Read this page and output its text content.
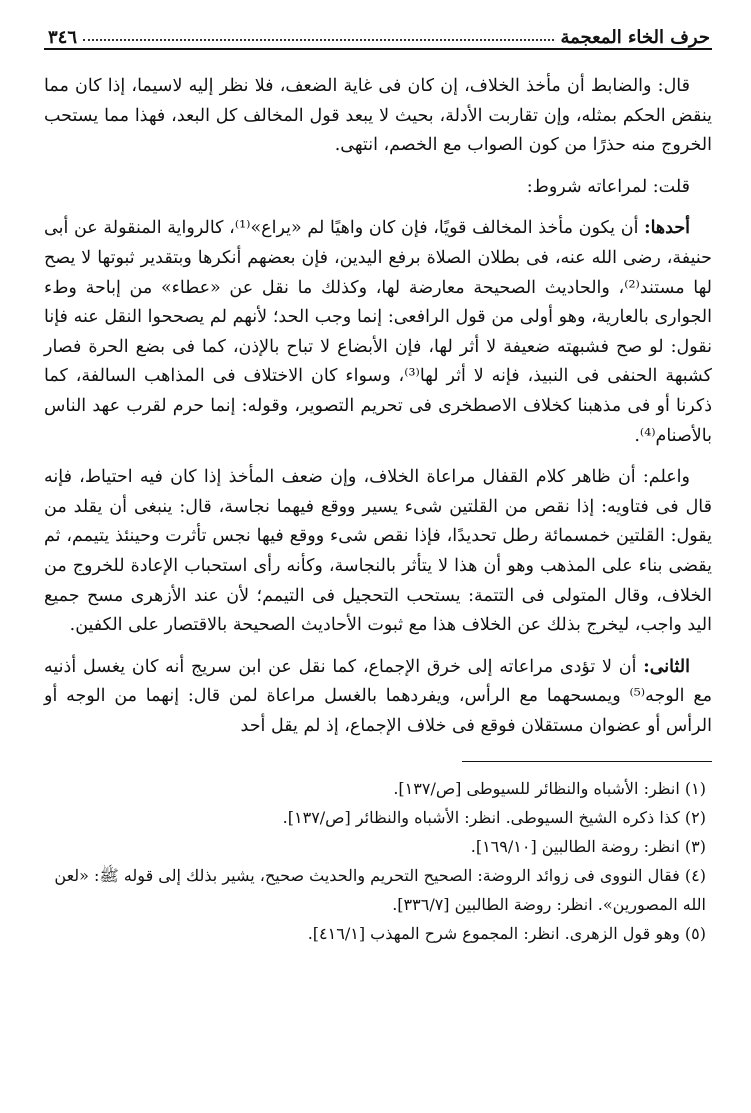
حرف الخاء المعجمة
٣٤٦

قال: والضابط أن مأخذ الخلاف، إن كان فى غاية الضعف، فلا نظر إليه لاسيما، إذا كان مما ينقض الحكم بمثله، وإن تقاربت الأدلة، بحيث لا يبعد قول المخالف كل البعد، فهذا مما يستحب الخروج منه حذرًا من كون الصواب مع الخصم، انتهى.

قلت: لمراعاته شروط:

أحدها: أن يكون مأخذ المخالف قويًا، فإن كان واهيًا لم «يراع»⁽¹⁾، كالرواية المنقولة عن أبى حنيفة، رضى الله عنه، فى بطلان الصلاة برفع اليدين، فإن بعضهم أنكرها وبتقدير ثبوتها لا يصح لها مستند⁽²⁾، والحاديث الصحيحة معارضة لها، وكذلك ما نقل عن «عطاء» من إباحة وطء الجوارى بالعارية، وهو أولى من قول الرافعى: إنما وجب الحد؛ لأنهم لم يصححوا النقل عنه فإنا نقول: لو صح فشبهته ضعيفة لا أثر لها، فإن الأبضاع لا تباح بالإذن، كما فى بضع الحرة فصار كشبهة الحنفى فى النبيذ، فإنه لا أثر لها⁽³⁾، وسواء كان الاختلاف فى المذاهب السالفة، كما ذكرنا أو فى مذهبنا كخلاف الاصطخرى فى تحريم التصوير، وقوله: إنما حرم لقرب عهد الناس بالأصنام⁽⁴⁾.

واعلم: أن ظاهر كلام القفال مراعاة الخلاف، وإن ضعف المأخذ إذا كان فيه احتياط، فإنه قال فى فتاويه: إذا نقص من القلتين شىء يسير ووقع فيهما نجاسة، قال: ينبغى أن يقلد من يقول: القلتين خمسمائة رطل تحديدًا، فإذا نقص شىء ووقع فيها نجس تأثرت وحينئذ يتيمم، ثم يقضى بناء على المذهب وهو أن هذا لا يتأثر بالنجاسة، وكأنه رأى استحباب الإعادة للخروج من الخلاف، وقال المتولى فى التتمة: يستحب التحجيل فى التيمم؛ لأن عند الأزهرى مسح جميع اليد واجب، ليخرج بذلك عن الخلاف هذا مع ثبوت الأحاديث الصحيحة بالاقتصار على الكفين.

الثانى: أن لا تؤدى مراعاته إلى خرق الإجماع، كما نقل عن ابن سريج أنه كان يغسل أذنيه مع الوجه⁽⁵⁾ ويمسحهما مع الرأس، ويفردهما بالغسل مراعاة لمن قال: إنهما من الوجه أو الرأس أو عضوان مستقلان فوقع فى خلاف الإجماع، إذ لم يقل أحد

(١) انظر: الأشباه والنظائر للسيوطى [ص/١٣٧].
(٢) كذا ذكره الشيخ السيوطى. انظر: الأشباه والنظائر [ص/١٣٧].
(٣) انظر: روضة الطالبين [١٦٩/١٠].
(٤) فقال النووى فى زوائد الروضة: الصحيح التحريم والحديث صحيح، يشير بذلك إلى قوله ﷺ: «لعن الله المصورين». انظر: روضة الطالبين [٣٣٦/٧].
(٥) وهو قول الزهرى. انظر: المجموع شرح المهذب [٤١٦/١].
